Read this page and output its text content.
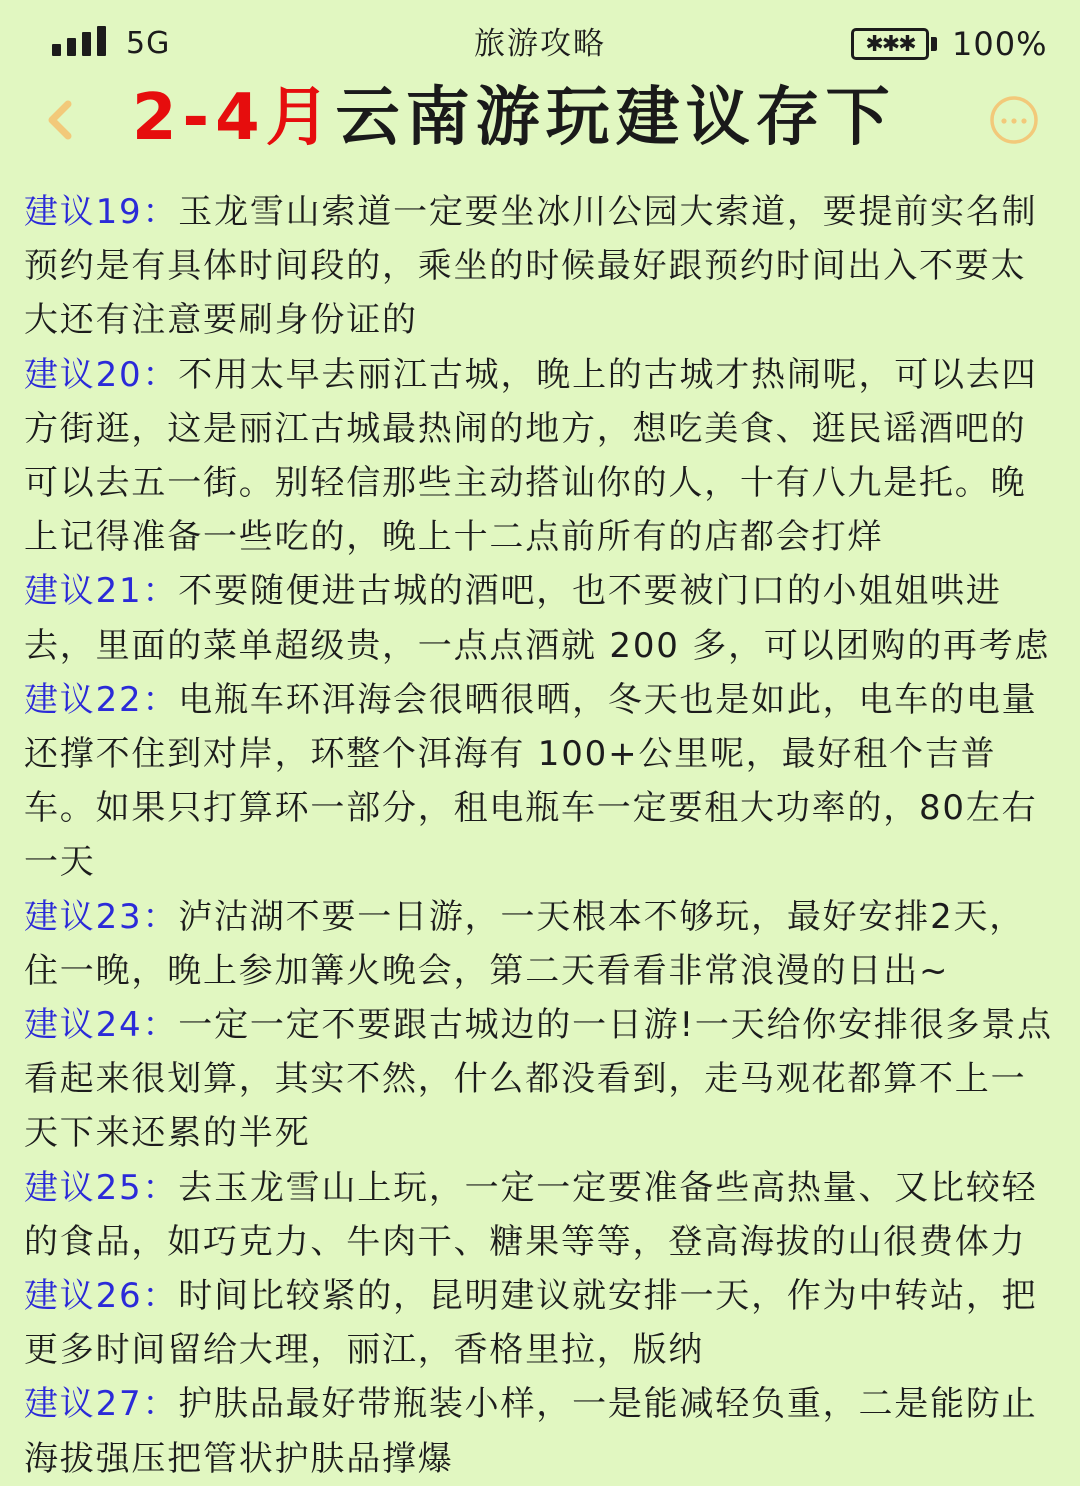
5G	旅游攻略	✱✱✱	100%
2-4月云南游玩建议存下
建议19：玉龙雪山索道一定要坐冰川公园大索道，要提前实名制预约是有具体时间段的，乘坐的时候最好跟预约时间出入不要太大还有注意要刷身份证的
建议20：不用太早去丽江古城，晚上的古城才热闹呢，可以去四方街逛，这是丽江古城最热闹的地方，想吃美食、逛民谣酒吧的可以去五一街。别轻信那些主动搭讪你的人，十有八九是托。晚上记得准备一些吃的，晚上十二点前所有的店都会打烊
建议21：不要随便进古城的酒吧，也不要被门口的小姐姐哄进去，里面的菜单超级贵，一点点酒就 200 多，可以团购的再考虑
建议22：电瓶车环洱海会很晒很晒，冬天也是如此，电车的电量还撑不住到对岸，环整个洱海有 100+公里呢，最好租个吉普车。如果只打算环一部分，租电瓶车一定要租大功率的，80左右一天
建议23：泸沽湖不要一日游，一天根本不够玩，最好安排2天，住一晚，晚上参加篝火晚会，第二天看看非常浪漫的日出~
建议24：一定一定不要跟古城边的一日游!一天给你安排很多景点看起来很划算，其实不然，什么都没看到，走马观花都算不上一天下来还累的半死
建议25：去玉龙雪山上玩，一定一定要准备些高热量、又比较轻的食品，如巧克力、牛肉干、糖果等等，登高海拔的山很费体力
建议26：时间比较紧的，昆明建议就安排一天，作为中转站，把更多时间留给大理，丽江，香格里拉，版纳
建议27：护肤品最好带瓶装小样，一是能减轻负重，二是能防止海拔强压把管状护肤品撑爆
